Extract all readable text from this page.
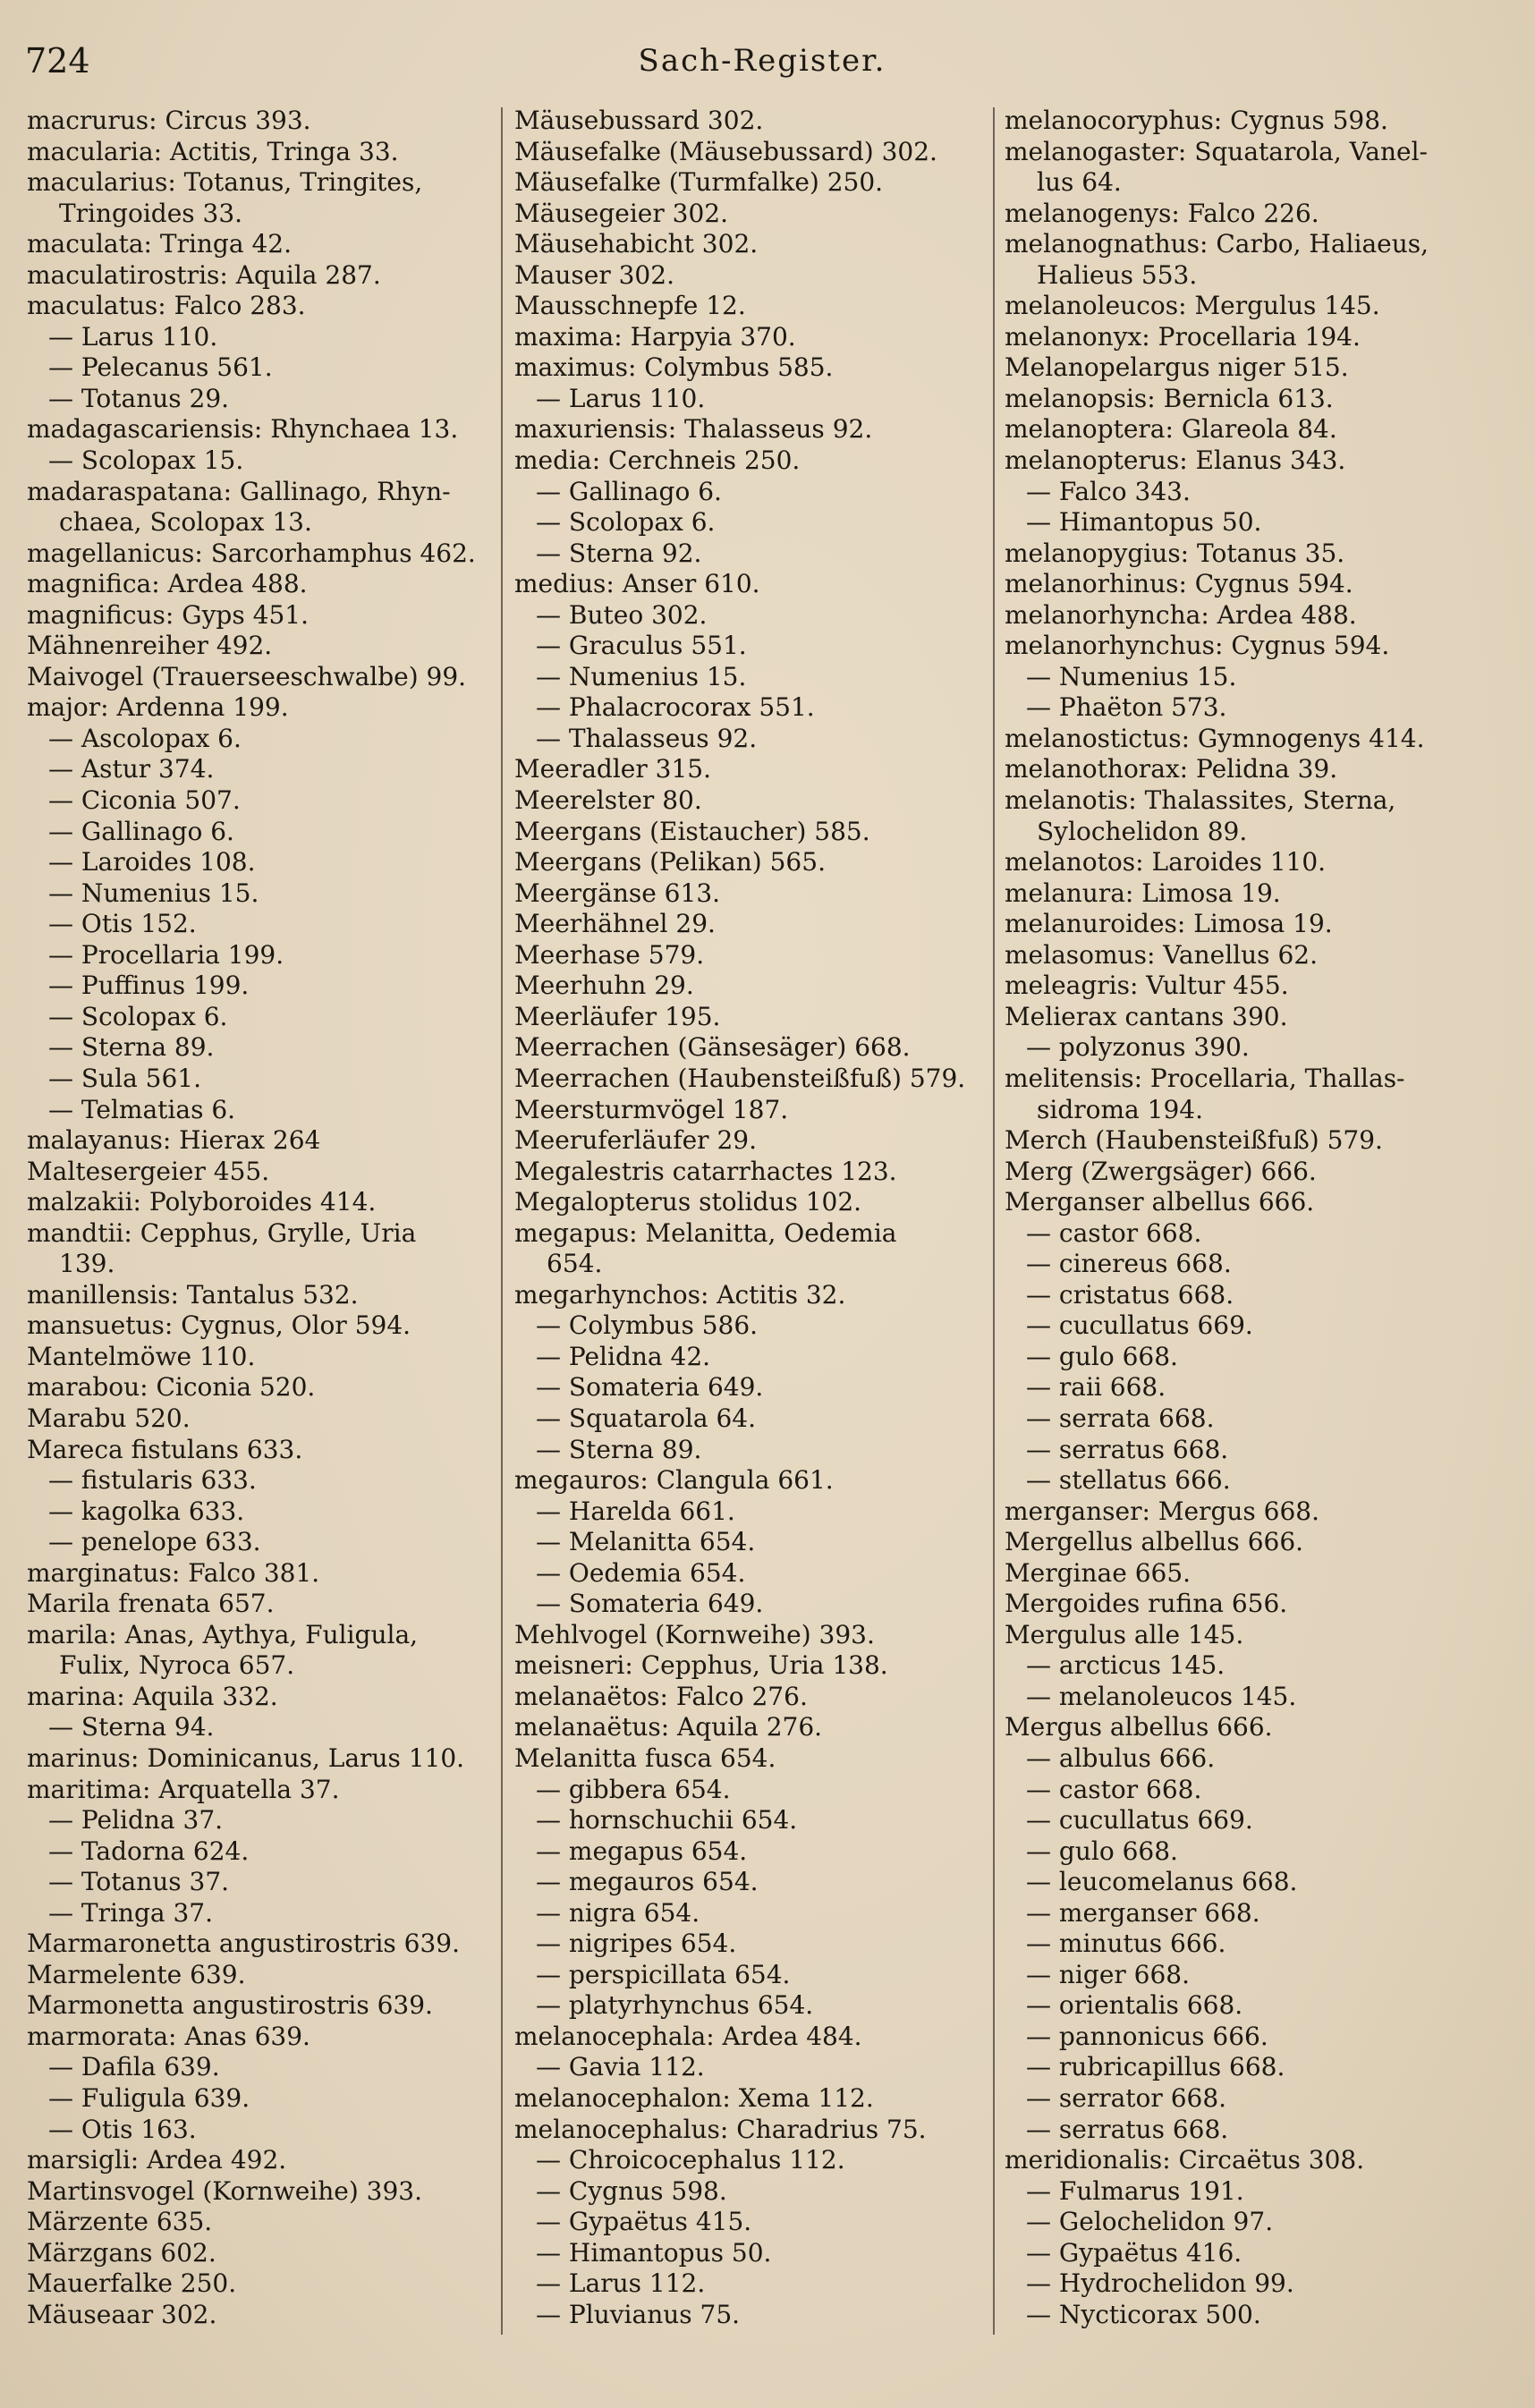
724	Sach-Register.
macrurus: Circus 393.
macularia: Actitis, Tringa 33.
macularius: Totanus, Tringites,
Tringoides 33.
maculata: Tringa 42.
maculatirostris: Aquila 287.
maculatus: Falco 283.
— Larus 110.
— Pelecanus 561.
— Totanus 29.
madagascariensis: Rhynchaea 13.
— Scolopax 15.
madaraspatana: Gallinago, Rhyn-
chaea, Scolopax 13.
magellanicus: Sarcorhamphus 462.
magnifica: Ardea 488.
magnificus: Gyps 451.
Mähnenreiher 492.
Maivogel (Trauerseeschwalbe) 99.
major: Ardenna 199.
— Ascolopax 6.
— Astur 374.
— Ciconia 507.
— Gallinago 6.
— Laroides 108.
— Numenius 15.
— Otis 152.
— Procellaria 199.
— Puffinus 199.
— Scolopax 6.
— Sterna 89.
— Sula 561.
— Telmatias 6.
malayanus: Hierax 264
Maltesergeier 455.
malzakii: Polyboroides 414.
mandtii: Cepphus, Grylle, Uria
139.
manillensis: Tantalus 532.
mansuetus: Cygnus, Olor 594.
Mantelmöwe 110.
marabou: Ciconia 520.
Marabu 520.
Mareca fistulans 633.
— fistularis 633.
— kagolka 633.
— penelope 633.
marginatus: Falco 381.
Marila frenata 657.
marila: Anas, Aythya, Fuligula,
Fulix, Nyroca 657.
marina: Aquila 332.
— Sterna 94.
marinus: Dominicanus, Larus 110.
maritima: Arquatella 37.
— Pelidna 37.
— Tadorna 624.
— Totanus 37.
— Tringa 37.
Marmaronetta angustirostris 639.
Marmelente 639.
Marmonetta angustirostris 639.
marmorata: Anas 639.
— Dafila 639.
— Fuligula 639.
— Otis 163.
marsigli: Ardea 492.
Martinsvogel (Kornweihe) 393.
Märzente 635.
Märzgans 602.
Mauerfalke 250.
Mäuseaar 302.
Mäusebussard 302.
Mäusefalke (Mäusebussard) 302.
Mäusefalke (Turmfalke) 250.
Mäusegeier 302.
Mäusehabicht 302.
Mauser 302.
Mausschnepfe 12.
maxima: Harpyia 370.
maximus: Colymbus 585.
— Larus 110.
maxuriensis: Thalasseus 92.
media: Cerchneis 250.
— Gallinago 6.
— Scolopax 6.
— Sterna 92.
medius: Anser 610.
— Buteo 302.
— Graculus 551.
— Numenius 15.
— Phalacrocorax 551.
— Thalasseus 92.
Meeradler 315.
Meerelster 80.
Meergans (Eistaucher) 585.
Meergans (Pelikan) 565.
Meergänse 613.
Meerhähnel 29.
Meerhase 579.
Meerhuhn 29.
Meerläufer 195.
Meerrachen (Gänsesäger) 668.
Meerrachen (Haubensteißfuß) 579.
Meersturmvögel 187.
Meeruferläufer 29.
Megalestris catarrhactes 123.
Megalopterus stolidus 102.
megapus: Melanitta, Oedemia
654.
megarhynchos: Actitis 32.
— Colymbus 586.
— Pelidna 42.
— Somateria 649.
— Squatarola 64.
— Sterna 89.
megauros: Clangula 661.
— Harelda 661.
— Melanitta 654.
— Oedemia 654.
— Somateria 649.
Mehlvogel (Kornweihe) 393.
meisneri: Cepphus, Uria 138.
melanaëtos: Falco 276.
melanaëtus: Aquila 276.
Melanitta fusca 654.
— gibbera 654.
— hornschuchii 654.
— megapus 654.
— megauros 654.
— nigra 654.
— nigripes 654.
— perspicillata 654.
— platyrhynchus 654.
melanocephala: Ardea 484.
— Gavia 112.
melanocephalon: Xema 112.
melanocephalus: Charadrius 75.
— Chroicocephalus 112.
— Cygnus 598.
— Gypaëtus 415.
— Himantopus 50.
— Larus 112.
— Pluvianus 75.
melanocoryphus: Cygnus 598.
melanogaster: Squatarola, Vanel-
lus 64.
melanogenys: Falco 226.
melanognathus: Carbo, Haliaeus,
Halieus 553.
melanoleucos: Mergulus 145.
melanonyx: Procellaria 194.
Melanopelargus niger 515.
melanopsis: Bernicla 613.
melanoptera: Glareola 84.
melanopterus: Elanus 343.
— Falco 343.
— Himantopus 50.
melanopygius: Totanus 35.
melanorhinus: Cygnus 594.
melanorhyncha: Ardea 488.
melanorhynchus: Cygnus 594.
— Numenius 15.
— Phaëton 573.
melanostictus: Gymnogenys 414.
melanothorax: Pelidna 39.
melanotis: Thalassites, Sterna,
Sylochelidon 89.
melanotos: Laroides 110.
melanura: Limosa 19.
melanuroides: Limosa 19.
melasomus: Vanellus 62.
meleagris: Vultur 455.
Melierax cantans 390.
— polyzonus 390.
melitensis: Procellaria, Thallas-
sidroma 194.
Merch (Haubensteißfuß) 579.
Merg (Zwergsäger) 666.
Merganser albellus 666.
— castor 668.
— cinereus 668.
— cristatus 668.
— cucullatus 669.
— gulo 668.
— raii 668.
— serrata 668.
— serratus 668.
— stellatus 666.
merganser: Mergus 668.
Mergellus albellus 666.
Merginae 665.
Mergoides rufina 656.
Mergulus alle 145.
— arcticus 145.
— melanoleucos 145.
Mergus albellus 666.
— albulus 666.
— castor 668.
— cucullatus 669.
— gulo 668.
— leucomelanus 668.
— merganser 668.
— minutus 666.
— niger 668.
— orientalis 668.
— pannonicus 666.
— rubricapillus 668.
— serrator 668.
— serratus 668.
meridionalis: Circaëtus 308.
— Fulmarus 191.
— Gelochelidon 97.
— Gypaëtus 416.
— Hydrochelidon 99.
— Nycticorax 500.
